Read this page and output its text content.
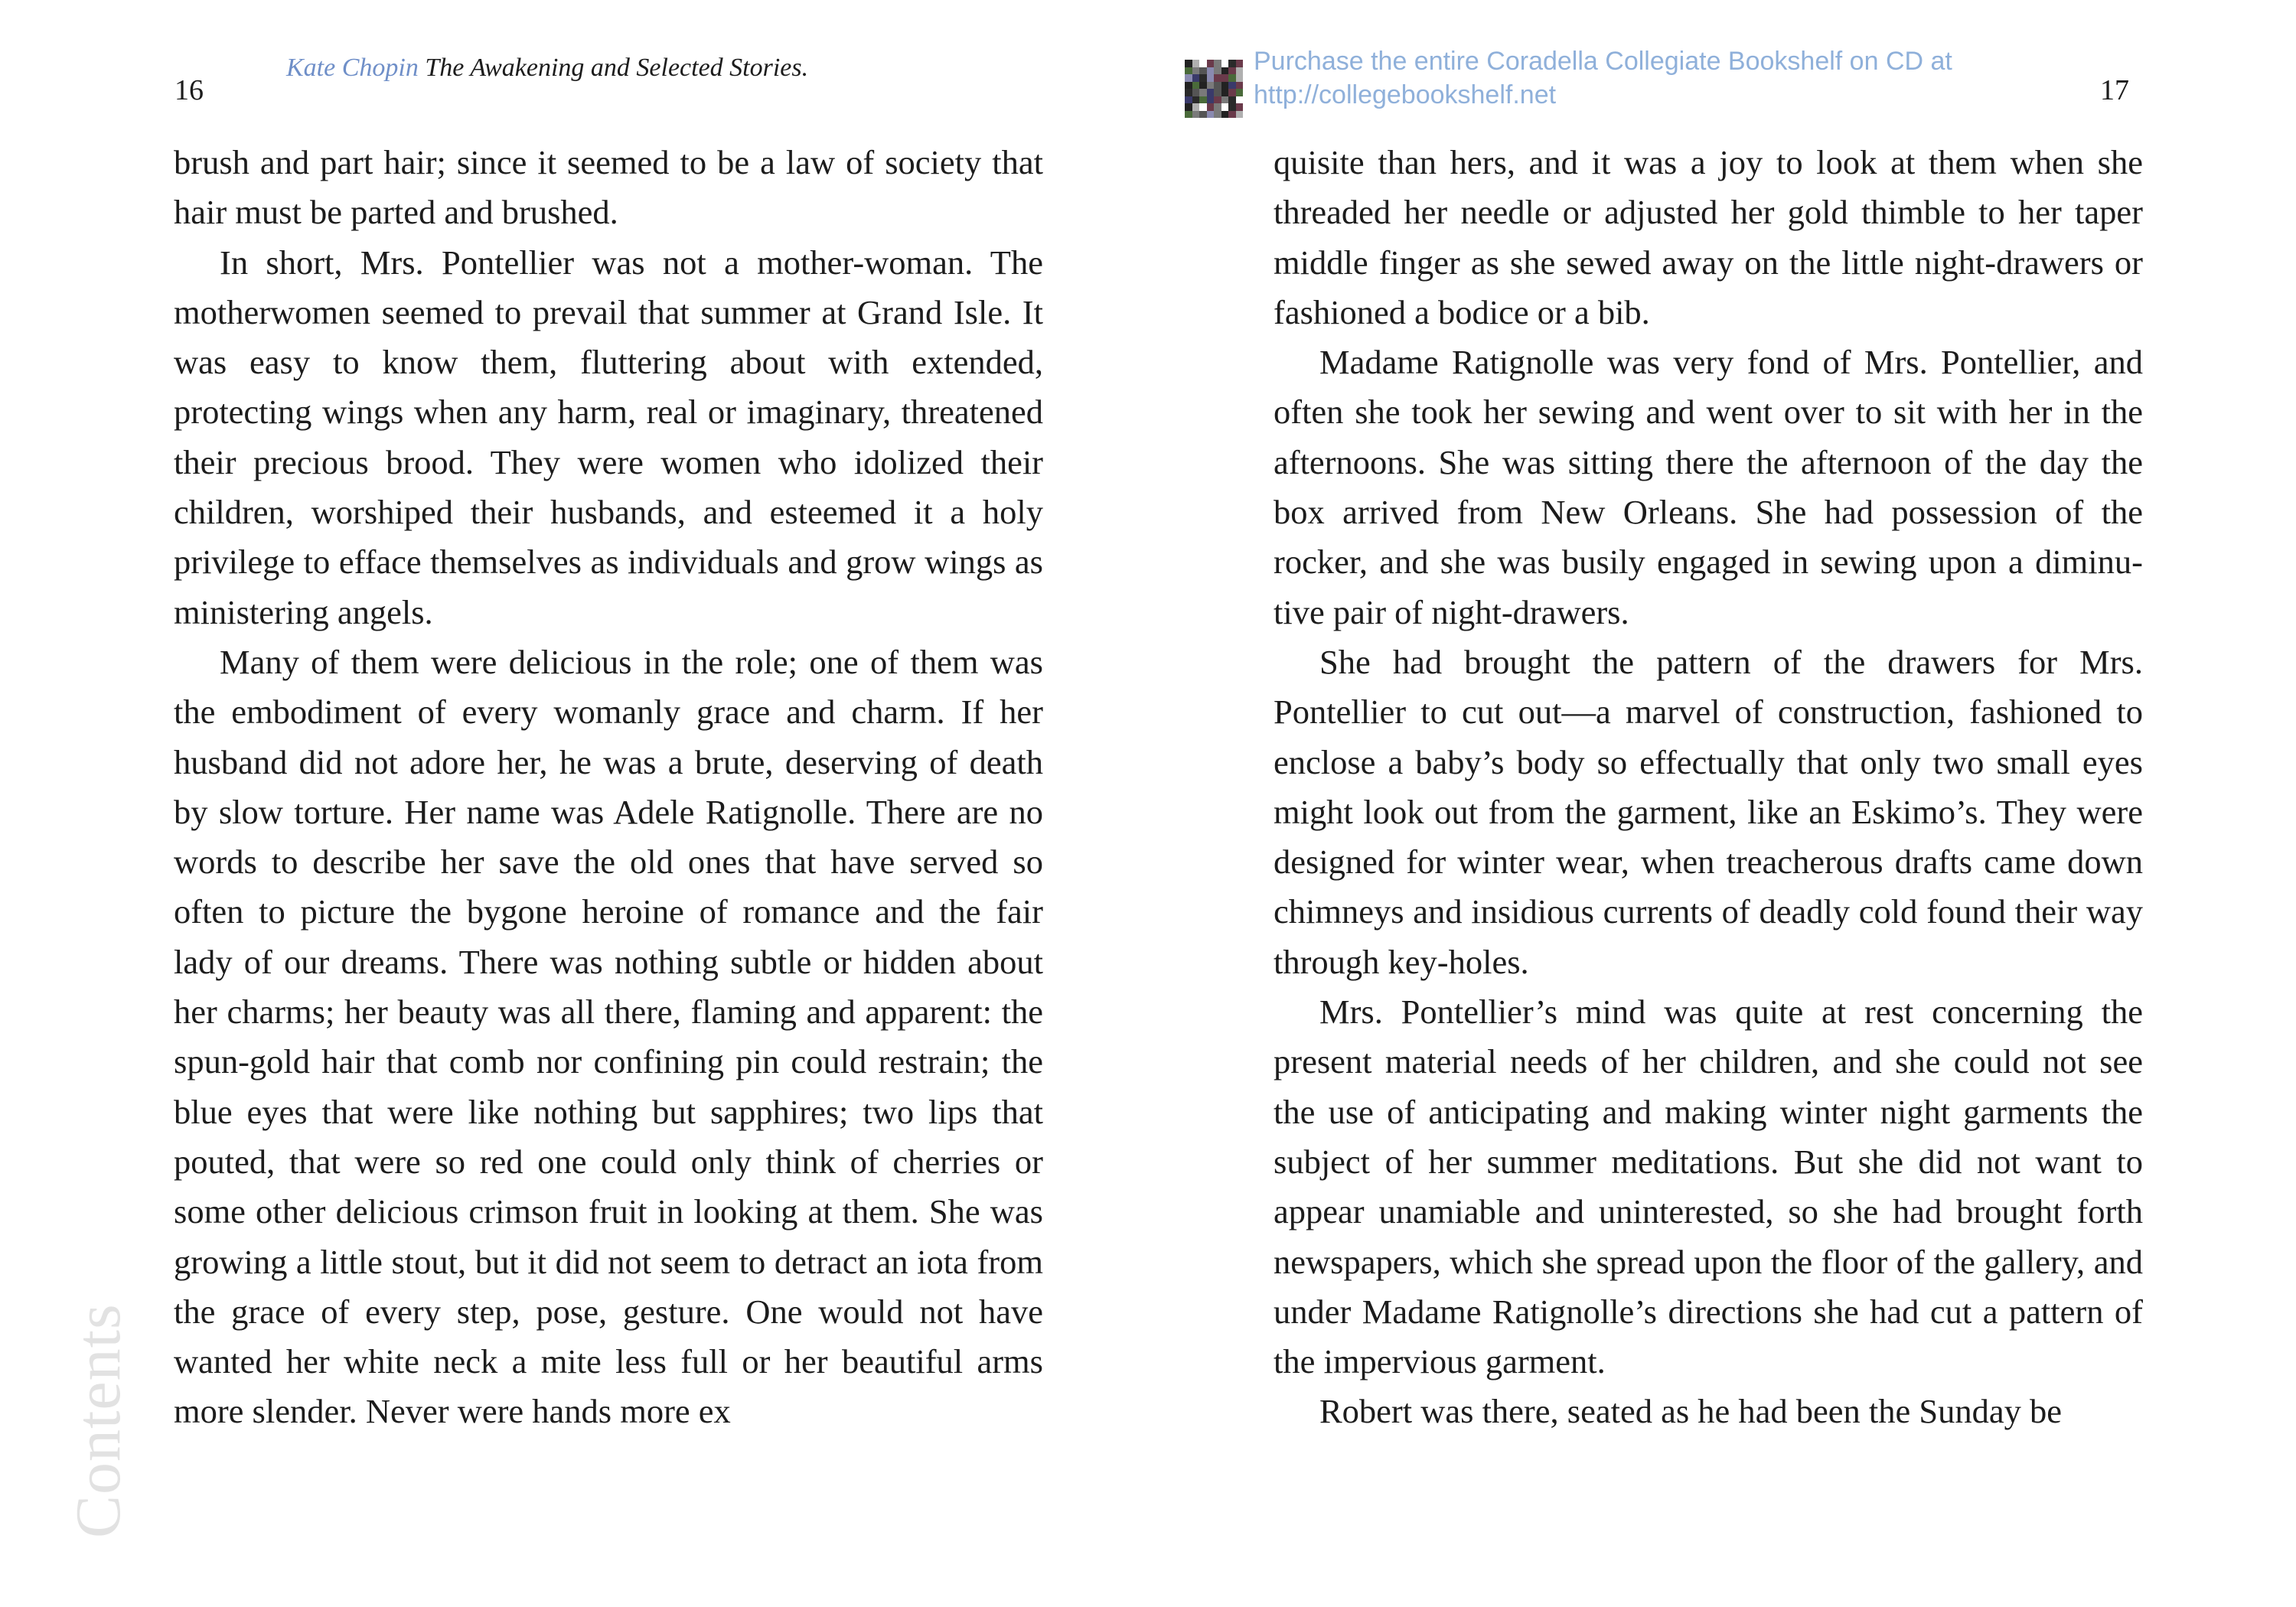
16
Kate Chopin The Awakening and Selected Stories.	Purchase the entire Coradella Collegiate Bookshelf on CD at
http://collegebookshelf.net	17

brush and part hair; since it seemed to be a law of society that hair must be parted and brushed.

In short, Mrs. Pontellier was not a mother-woman. The motherwomen seemed to prevail that summer at Grand Isle. It was easy to know them, fluttering about with extended, protecting wings when any harm, real or imaginary, threatened their precious brood. They were women who idolized their children, worshiped their husbands, and esteemed it a holy privilege to efface themselves as individuals and grow wings as ministering angels.

Many of them were delicious in the role; one of them was the embodiment of every womanly grace and charm. If her husband did not adore her, he was a brute, deserving of death by slow torture. Her name was Adele Ratignolle. There are no words to describe her save the old ones that have served so often to picture the bygone heroine of romance and the fair lady of our dreams. There was nothing subtle or hidden about her charms; her beauty was all there, flaming and apparent: the spun-gold hair that comb nor confining pin could restrain; the blue eyes that were like nothing but sapphires; two lips that pouted, that were so red one could only think of cherries or some other delicious crimson fruit in looking at them. She was growing a little stout, but it did not seem to detract an iota from the grace of every step, pose, gesture. One would not have wanted her white neck a mite less full or her beautiful arms more slender. Never were hands more ex

quisite than hers, and it was a joy to look at them when she threaded her needle or adjusted her gold thimble to her taper middle finger as she sewed away on the little night-drawers or fashioned a bodice or a bib.

Madame Ratignolle was very fond of Mrs. Pontellier, and often she took her sewing and went over to sit with her in the afternoons. She was sitting there the afternoon of the day the box arrived from New Orleans. She had possession of the rocker, and she was busily engaged in sewing upon a diminutive pair of night-drawers.

She had brought the pattern of the drawers for Mrs. Pontellier to cut out—a marvel of construction, fashioned to enclose a baby’s body so effectually that only two small eyes might look out from the garment, like an Eskimo’s. They were designed for winter wear, when treacherous drafts came down chimneys and insidious currents of deadly cold found their way through key-holes.

Mrs. Pontellier’s mind was quite at rest concerning the present material needs of her children, and she could not see the use of anticipating and making winter night garments the subject of her summer meditations. But she did not want to appear unamiable and uninterested, so she had brought forth newspapers, which she spread upon the floor of the gallery, and under Madame Ratignolle’s directions she had cut a pattern of the impervious garment.

Robert was there, seated as he had been the Sunday be

Contents
